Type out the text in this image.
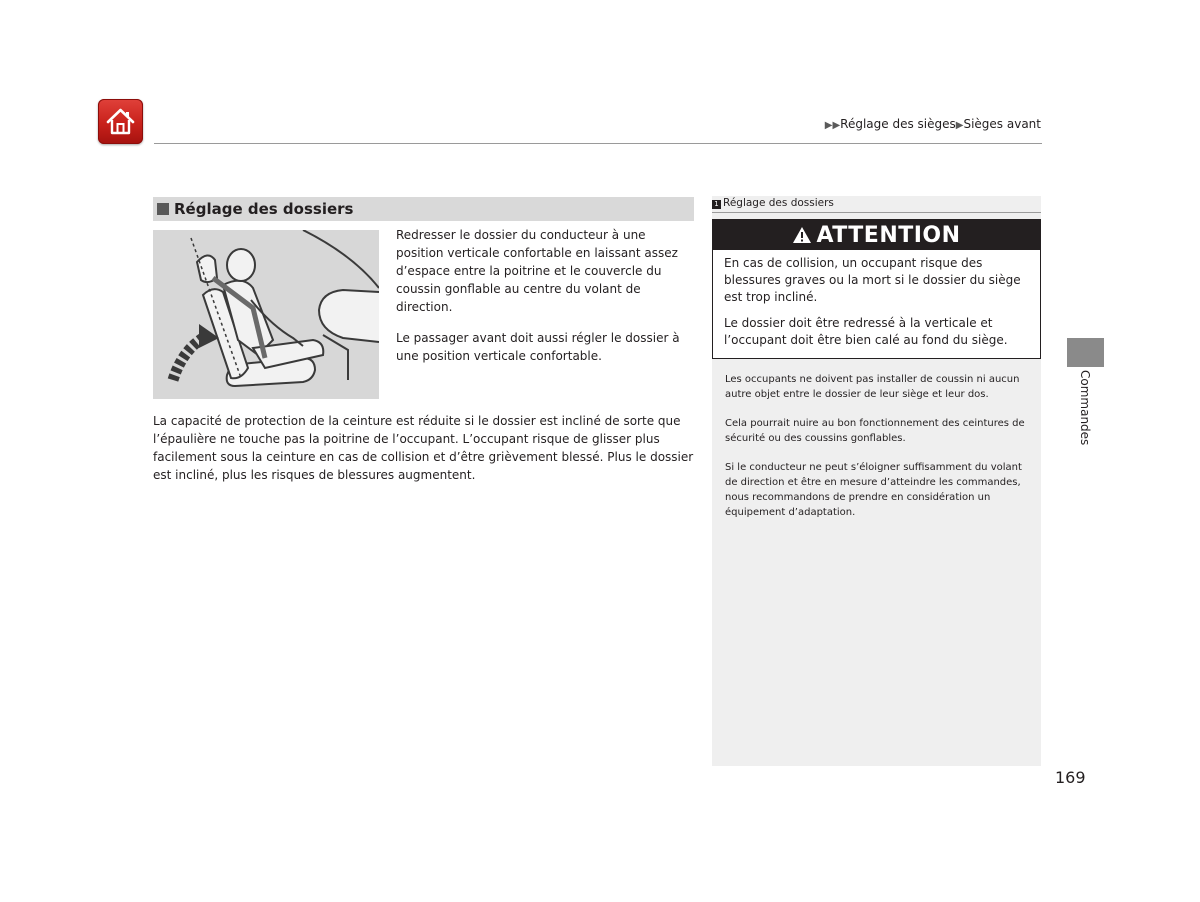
▶▶Réglage des sièges▶Sièges avant
Réglage des dossiers

Redresser le dossier du conducteur à une position verticale confortable en laissant assez d’espace entre la poitrine et le couvercle du coussin gonflable au centre du volant de direction.

Le passager avant doit aussi régler le dossier à une position verticale confortable.

La capacité de protection de la ceinture est réduite si le dossier est incliné de sorte que l’épaulière ne touche pas la poitrine de l’occupant. L’occupant risque de glisser plus facilement sous la ceinture en cas de collision et d’être grièvement blessé. Plus le dossier est incliné, plus les risques de blessures augmentent.

1 Réglage des dossiers
ATTENTION

En cas de collision, un occupant risque des blessures graves ou la mort si le dossier du siège est trop incliné.

Le dossier doit être redressé à la verticale et l’occupant doit être bien calé au fond du siège.

Les occupants ne doivent pas installer de coussin ni aucun autre objet entre le dossier de leur siège et leur dos.

Cela pourrait nuire au bon fonctionnement des ceintures de sécurité ou des coussins gonflables.

Si le conducteur ne peut s’éloigner suffisamment du volant de direction et être en mesure d’atteindre les commandes, nous recommandons de prendre en considération un équipement d’adaptation.

Commandes
169
